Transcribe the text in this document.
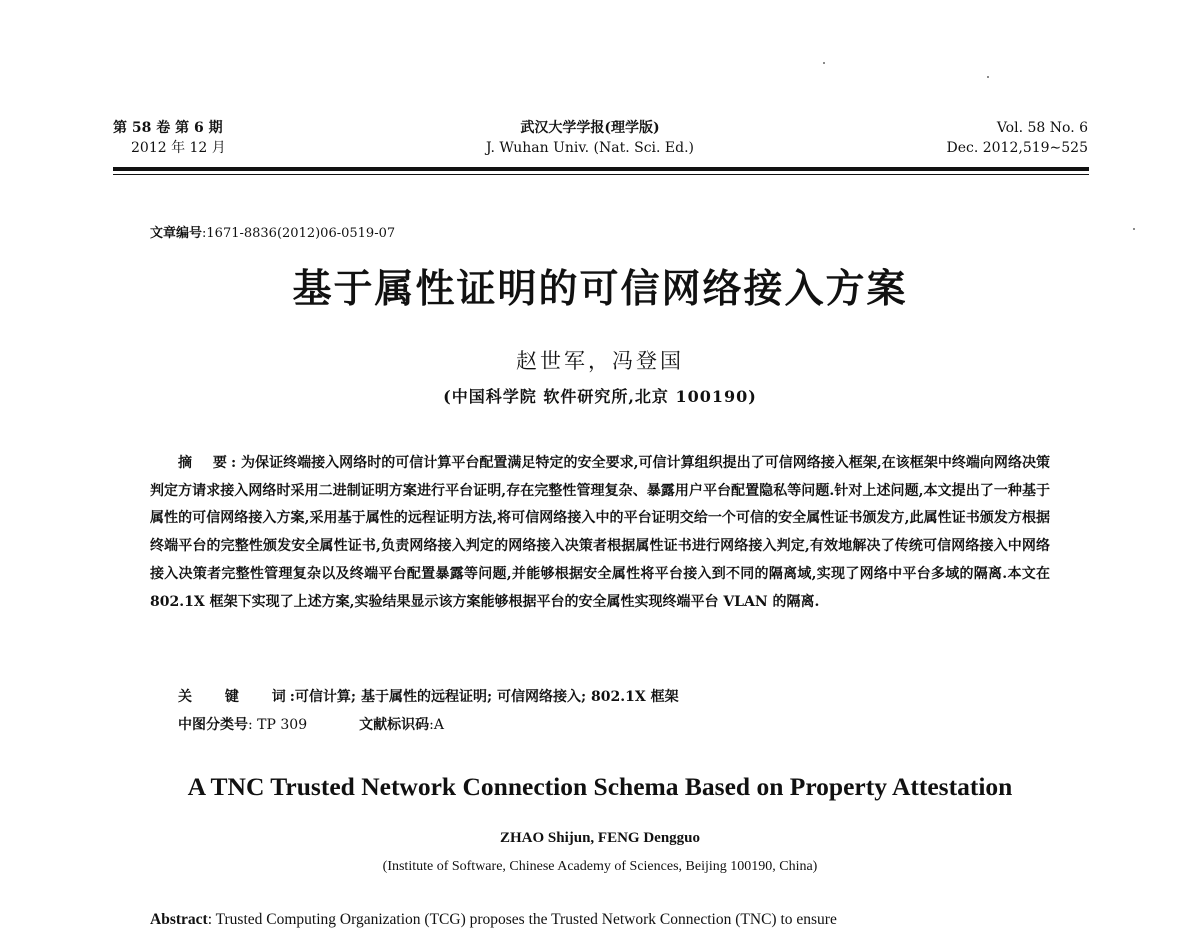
第 58 卷 第 6 期
2012 年 12 月
武汉大学学报(理学版)
J. Wuhan Univ. (Nat. Sci. Ed.)
Vol. 58 No. 6
Dec. 2012,519∼525
文章编号:1671-8836(2012)06-0519-07
基于属性证明的可信网络接入方案
赵世军，冯登国
(中国科学院 软件研究所,北京 100190)
摘 要: 为保证终端接入网络时的可信计算平台配置满足特定的安全要求,可信计算组织提出了可信网络接入框架,在该框架中终端向网络决策判定方请求接入网络时采用二进制证明方案进行平台证明,存在完整性管理复杂、暴露用户平台配置隐私等问题.针对上述问题,本文提出了一种基于属性的可信网络接入方案,采用基于属性的远程证明方法,将可信网络接入中的平台证明交给一个可信的安全属性证书颁发方,此属性证书颁发方根据终端平台的完整性颁发安全属性证书,负责网络接入判定的网络接入决策者根据属性证书进行网络接入判定,有效地解决了传统可信网络接入中网络接入决策者完整性管理复杂以及终端平台配置暴露等问题,并能够根据安全属性将平台接入到不同的隔离域,实现了网络中平台多域的隔离.本文在 802.1X 框架下实现了上述方案,实验结果显示该方案能够根据平台的安全属性实现终端平台 VLAN 的隔离.
关 键 词:可信计算; 基于属性的远程证明; 可信网络接入; 802.1X 框架
中图分类号: TP 309	文献标识码:A
A TNC Trusted Network Connection Schema Based on Property Attestation
ZHAO Shijun, FENG Dengguo
(Institute of Software, Chinese Academy of Sciences, Beijing 100190, China)
Abstract: Trusted Computing Organization (TCG) proposes the Trusted Network Connection (TNC) to ensure
